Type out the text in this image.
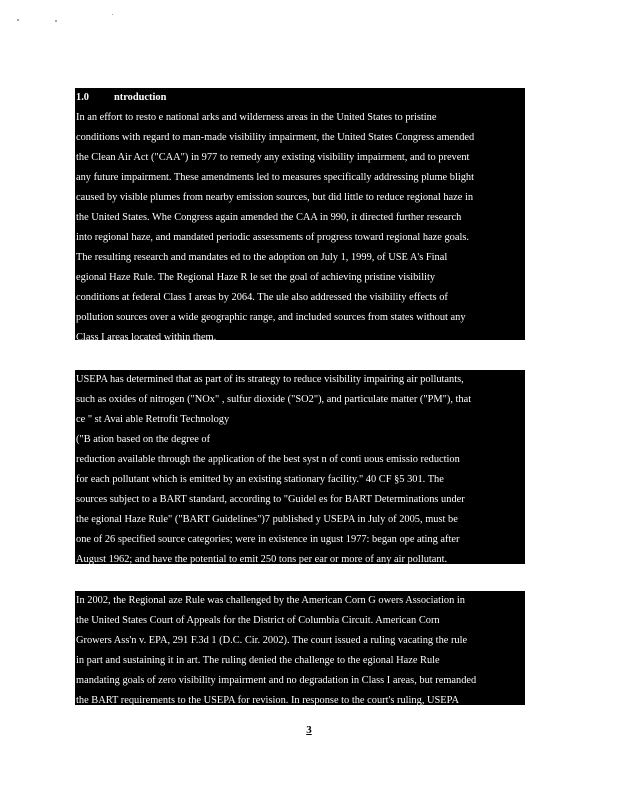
1.0 ntroduction
In an effort to resto e national arks and wilderness areas in the United States to pristine
conditions with regard to man-made visibility impairment, the United States Congress amended
the Clean Air Act ("CAA") in 977 to remedy any existing visibility impairment, and to prevent
any future impairment. These amendments led to measures specifically addressing plume blight
caused by visible plumes from nearby emission sources, but did little to reduce regional haze in
the United States. Whe Congress again amended the CAA in 990, it directed further research
into regional haze, and mandated periodic assessments of progress toward regional haze goals.
The resulting research and mandates ed to the adoption on July 1, 1999, of USE A's Final
egional Haze Rule. The Regional Haze R le set the goal of achieving pristine visibility
conditions at federal Class I areas by 2064. The ule also addressed the visibility effects of
pollution sources over a wide geographic range, and included sources from states without any
Class I areas located within them.
USEPA has determined that as part of its strategy to reduce visibility impairing air pollutants,
such as oxides of nitrogen ("NOx" , sulfur dioxide ("SO2"), and particulate matter ("PM"), that
ce " st Avai able Retrofit Technology
("B ation based on the degree of
reduction available through the application of the best syst n of conti uous emissio reduction
for each pollutant which is emitted by an existing stationary facility." 40 CF §5 301. The
sources subject to a BART standard, according to "Guidel es for BART Determinations under
the egional Haze Rule" ("BART Guidelines")7 published y USEPA in July of 2005, must be
one of 26 specified source categories; were in existence in ugust 1977: began ope ating after
August 1962; and have the potential to emit 250 tons per ear or more of any air pollutant.
In 2002, the Regional aze Rule was challenged by the American Corn G owers Association in
the United States Court of Appeals for the District of Columbia Circuit. American Corn
Growers Ass'n v. EPA, 291 F.3d 1 (D.C. Cir. 2002). The court issued a ruling vacating the rule
in part and sustaining it in art. The ruling denied the challenge to the egional Haze Rule
mandating goals of zero visibility impairment and no degradation in Class I areas, but remanded
the BART requirements to the USEPA for revision. In response to the court's ruling, USEPA
3
